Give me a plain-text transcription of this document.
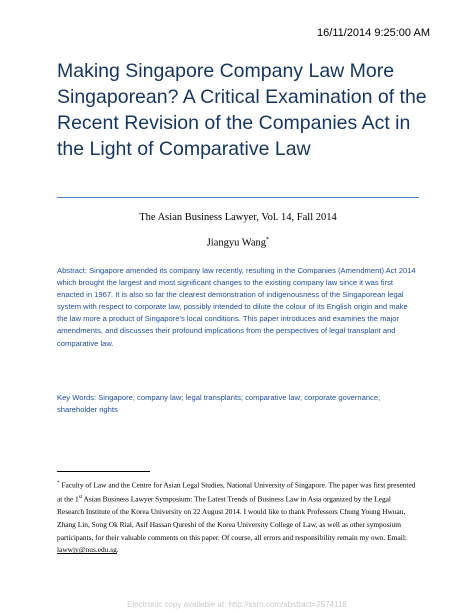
16/11/2014 9:25:00 AM
Making Singapore Company Law More Singaporean? A Critical Examination of the Recent Revision of the Companies Act in the Light of Comparative Law
The Asian Business Lawyer, Vol. 14, Fall 2014
Jiangyu Wang*

Abstract: Singapore amended its company law recently, resulting in the Companies (Amendment) Act 2014 which brought the largest and most significant changes to the existing company law since it was first enacted in 1967. It is also so far the clearest demonstration of indigenousness of the Singaporean legal system with respect to corporate law, possibly intended to dilute the colour of its English origin and make the law more a product of Singapore’s local conditions. This paper introduces and examines the major amendments, and discusses their profound implications from the perspectives of legal transplant and comparative law.

Key Words: Singapore; company law; legal transplants; comparative law; corporate governance; shareholder rights

* Faculty of Law and the Centre for Asian Legal Studies, National University of Singapore. The paper was first presented at the 1st Asian Business Lawyer Symposium: The Latest Trends of Business Law in Asia organized by the Legal Research Institute of the Korea University on 22 August 2014. I would like to thank Professors Chung Young Hwuan, Zhang Lin, Song Ok Rial, Asif Hassan Qureshi of the Korea University College of Law, as well as other symposium participants, for their valuable comments on this paper. Of course, all errors and responsibility remain my own. Email: lawwjy@nus.edu.sg.

Electronic copy available at: http://ssrn.com/abstract=2574118
